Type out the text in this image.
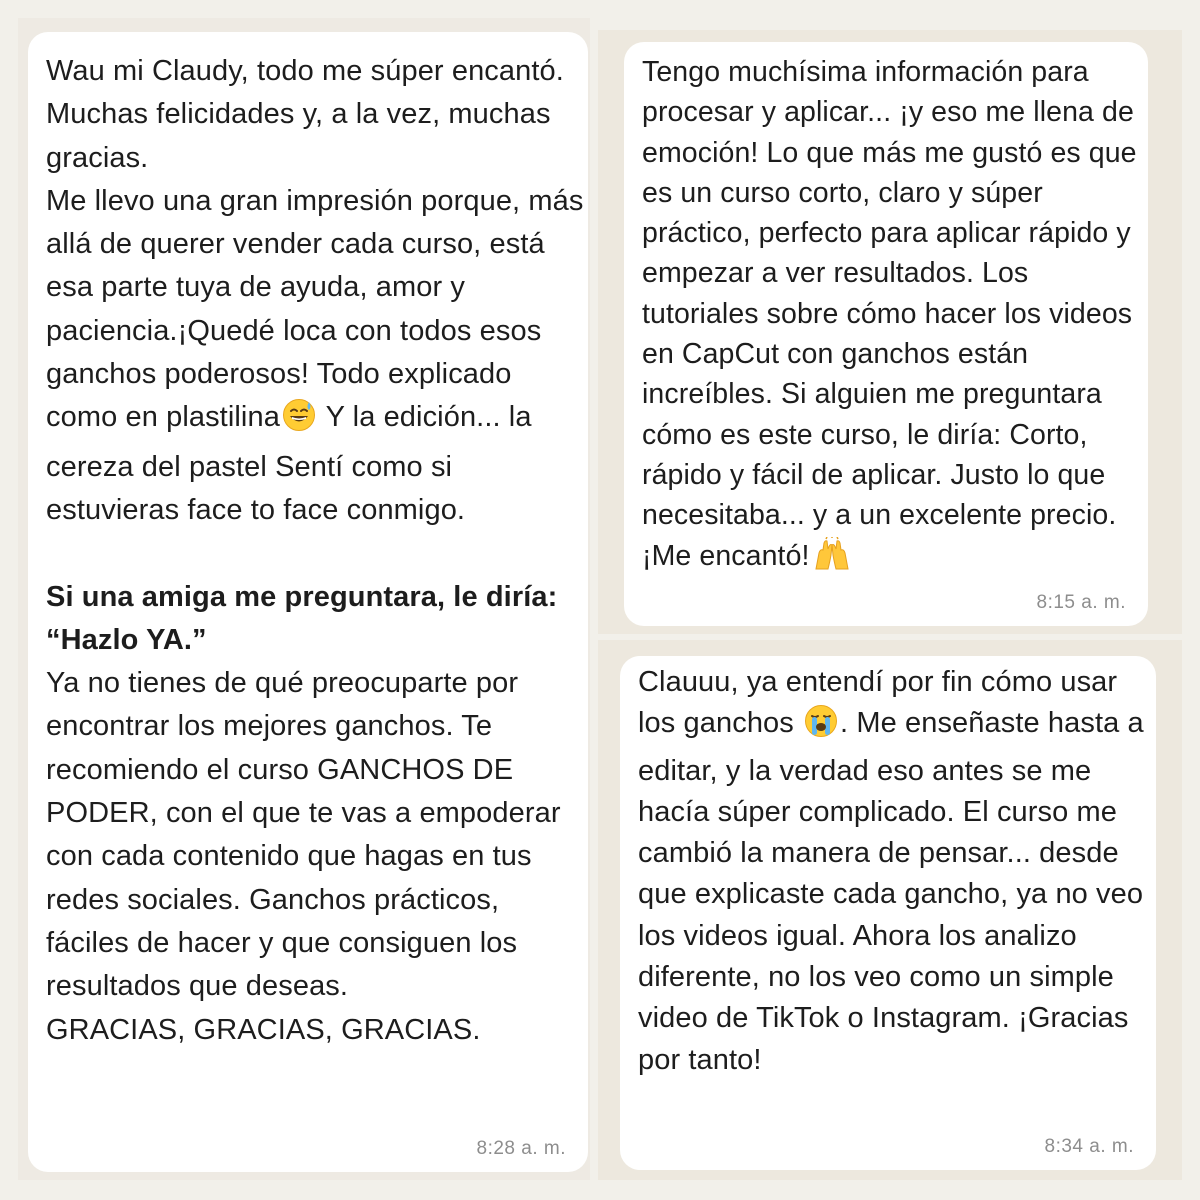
Wau mi Claudy, todo me súper encantó. Muchas felicidades y, a la vez, muchas gracias.
Me llevo una gran impresión porque, más allá de querer vender cada curso, está esa parte tuya de ayuda, amor y paciencia.¡Quedé loca con todos esos ganchos poderosos! Todo explicado como en plastilina Y la edición... la cereza del pastel Sentí como si estuvieras face to face conmigo.

Si una amiga me preguntara, le diría: “Hazlo YA.”
Ya no tienes de qué preocuparte por encontrar los mejores ganchos. Te recomiendo el curso GANCHOS DE PODER, con el que te vas a empoderar con cada contenido que hagas en tus redes sociales. Ganchos prácticos, fáciles de hacer y que consiguen los resultados que deseas.
GRACIAS, GRACIAS, GRACIAS.

8:28 a. m.

Tengo muchísima información para procesar y aplicar... ¡y eso me llena de emoción! Lo que más me gustó es que es un curso corto, claro y súper práctico, perfecto para aplicar rápido y empezar a ver resultados. Los tutoriales sobre cómo hacer los videos en CapCut con ganchos están increíbles. Si alguien me preguntara cómo es este curso, le diría: Corto, rápido y fácil de aplicar. Justo lo que necesitaba... y a un excelente precio. ¡Me encantó!

8:15 a. m.

Clauuu, ya entendí por fin cómo usar los ganchos . Me enseñaste hasta a editar, y la verdad eso antes se me hacía súper complicado. El curso me cambió la manera de pensar... desde que explicaste cada gancho, ya no veo los videos igual. Ahora los analizo diferente, no los veo como un simple video de TikTok o Instagram. ¡Gracias por tanto!

8:34 a. m.
